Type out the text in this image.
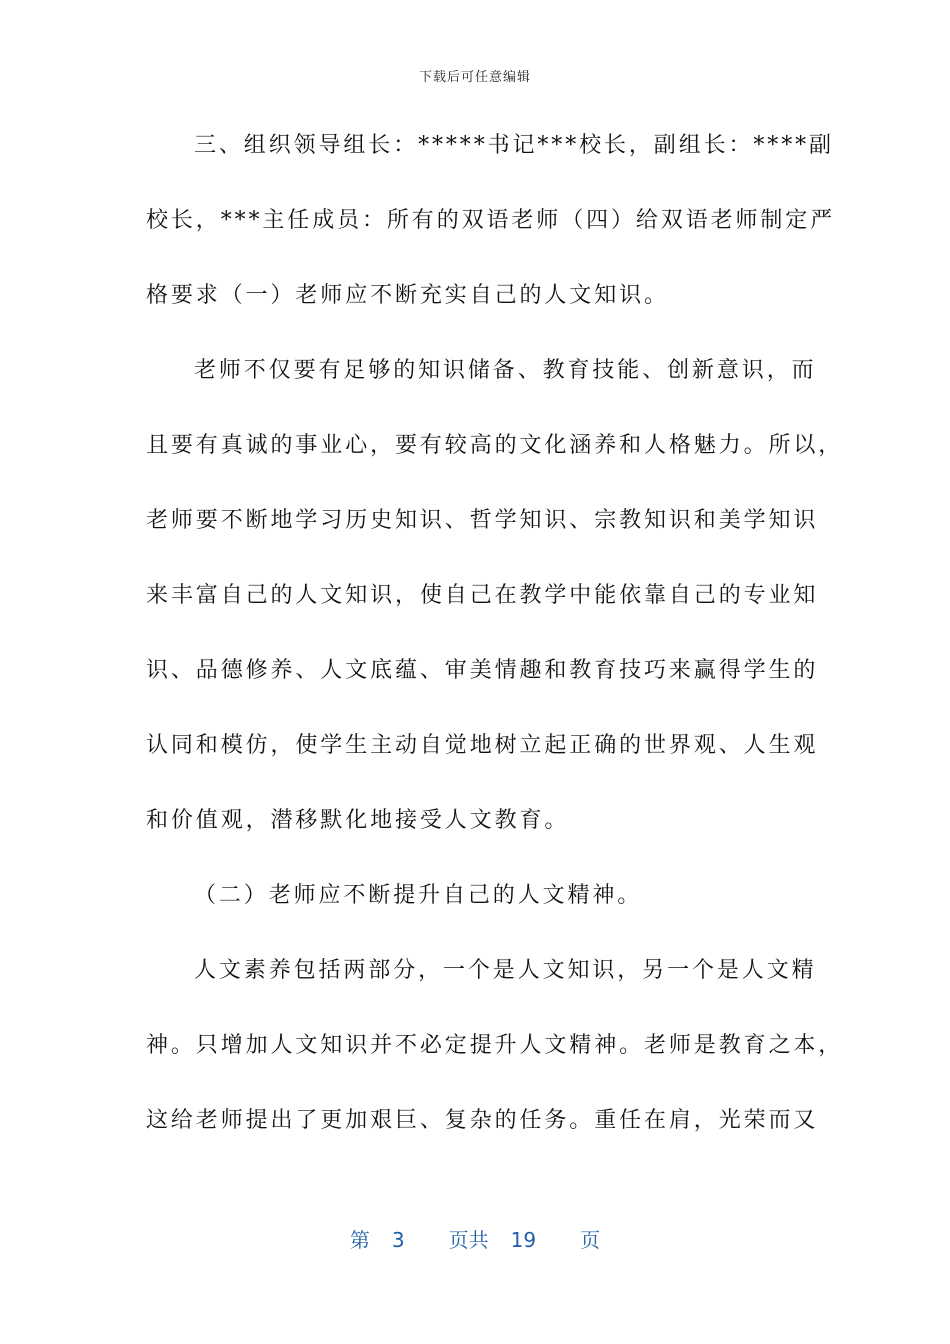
下载后可任意编辑
三、组织领导组长：*****书记***校长，副组长：****副
校长，***主任成员：所有的双语老师（四）给双语老师制定严
格要求（一）老师应不断充实自己的人文知识。
老师不仅要有足够的知识储备、教育技能、创新意识，而
且要有真诚的事业心，要有较高的文化涵养和人格魅力。所以，
老师要不断地学习历史知识、哲学知识、宗教知识和美学知识
来丰富自己的人文知识，使自己在教学中能依靠自己的专业知
识、品德修养、人文底蕴、审美情趣和教育技巧来赢得学生的
认同和模仿，使学生主动自觉地树立起正确的世界观、人生观
和价值观，潜移默化地接受人文教育。
（二）老师应不断提升自己的人文精神。
人文素养包括两部分，一个是人文知识，另一个是人文精
神。只增加人文知识并不必定提升人文精神。老师是教育之本，
这给老师提出了更加艰巨、复杂的任务。重任在肩，光荣而又
第 3 页共 19 页
